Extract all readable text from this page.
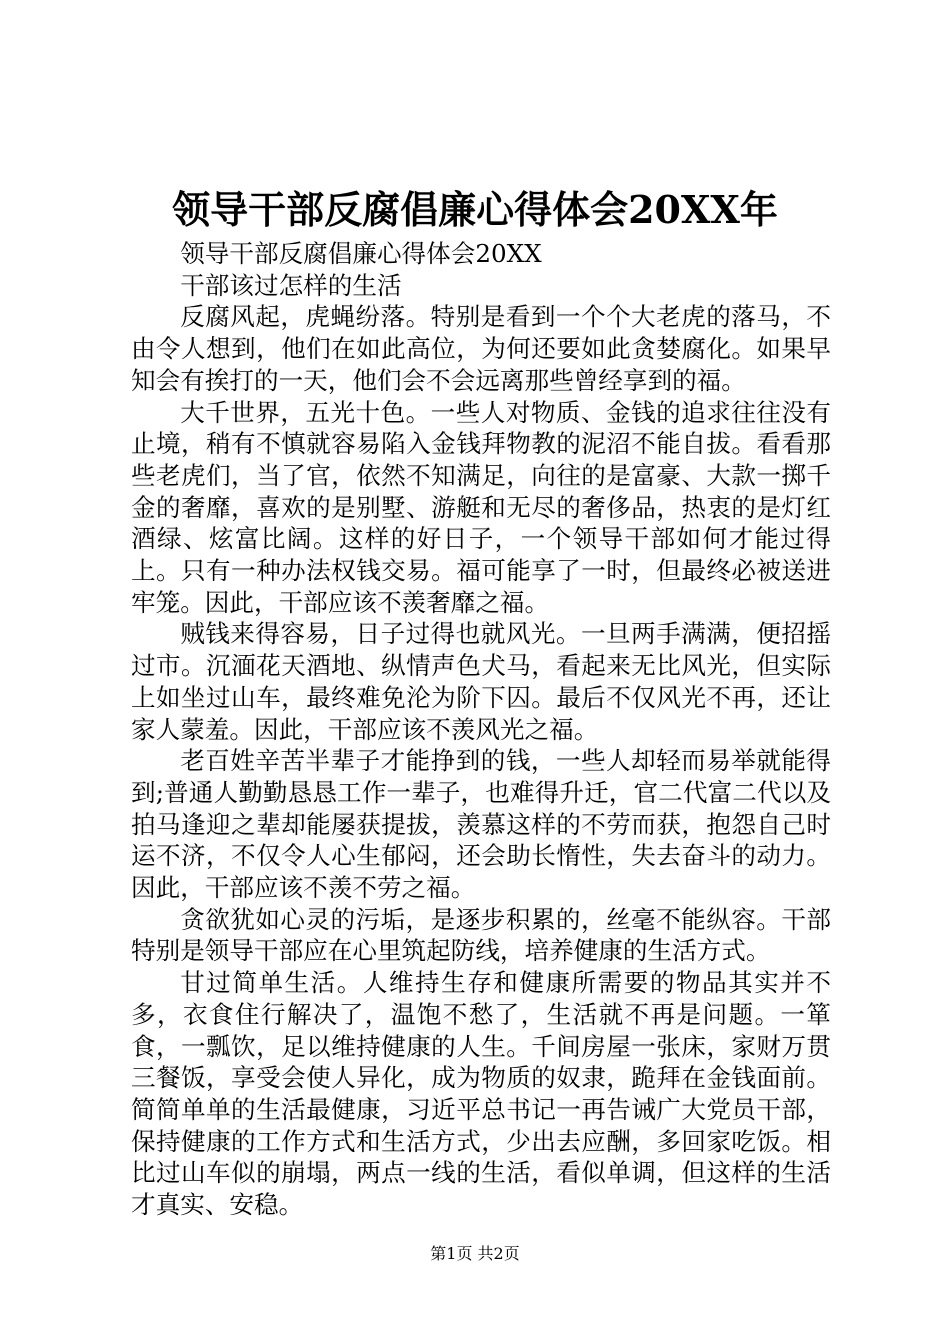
领导干部反腐倡廉心得体会20XX年

领导干部反腐倡廉心得体会20XX

干部该过怎样的生活

反腐风起，虎蝇纷落。特别是看到一个个大老虎的落马，不由令人想到，他们在如此高位，为何还要如此贪婪腐化。如果早知会有挨打的一天，他们会不会远离那些曾经享到的福。

大千世界，五光十色。一些人对物质、金钱的追求往往没有止境，稍有不慎就容易陷入金钱拜物教的泥沼不能自拔。看看那些老虎们，当了官，依然不知满足，向往的是富豪、大款一掷千金的奢靡，喜欢的是别墅、游艇和无尽的奢侈品，热衷的是灯红酒绿、炫富比阔。这样的好日子，一个领导干部如何才能过得上。只有一种办法权钱交易。福可能享了一时，但最终必被送进牢笼。因此，干部应该不羡奢靡之福。

贼钱来得容易，日子过得也就风光。一旦两手满满，便招摇过市。沉湎花天酒地、纵情声色犬马，看起来无比风光，但实际上如坐过山车，最终难免沦为阶下囚。最后不仅风光不再，还让家人蒙羞。因此，干部应该不羡风光之福。

老百姓辛苦半辈子才能挣到的钱，一些人却轻而易举就能得到;普通人勤勤恳恳工作一辈子，也难得升迁，官二代富二代以及拍马逢迎之辈却能屡获提拔，羡慕这样的不劳而获，抱怨自己时运不济，不仅令人心生郁闷，还会助长惰性，失去奋斗的动力。因此，干部应该不羡不劳之福。

贪欲犹如心灵的污垢，是逐步积累的，丝毫不能纵容。干部特别是领导干部应在心里筑起防线，培养健康的生活方式。

甘过简单生活。人维持生存和健康所需要的物品其实并不多，衣食住行解决了，温饱不愁了，生活就不再是问题。一箪食，一瓢饮，足以维持健康的人生。千间房屋一张床，家财万贯三餐饭，享受会使人异化，成为物质的奴隶，跪拜在金钱面前。简简单单的生活最健康，习近平总书记一再告诫广大党员干部，保持健康的工作方式和生活方式，少出去应酬，多回家吃饭。相比过山车似的崩塌，两点一线的生活，看似单调，但这样的生活才真实、安稳。

第1页 共2页
